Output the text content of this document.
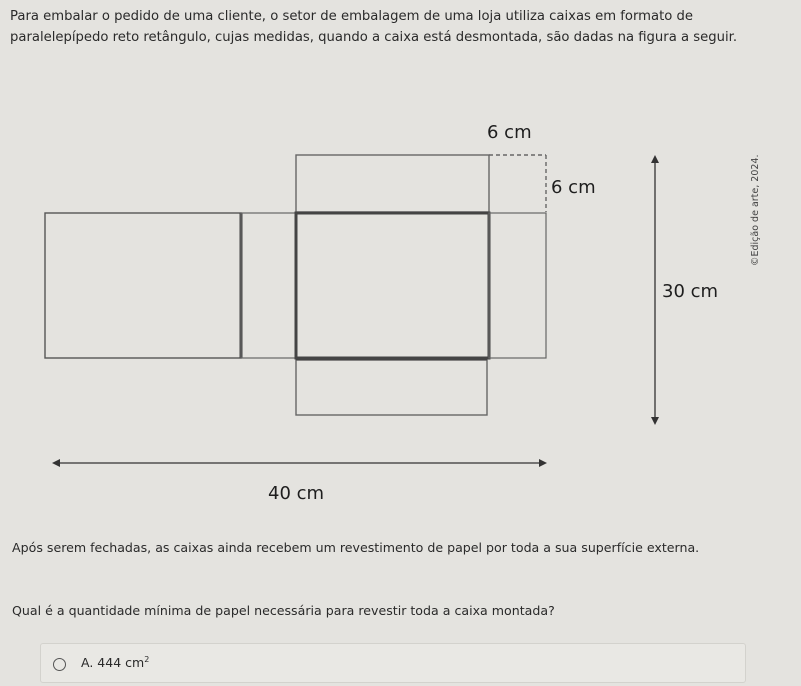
Para embalar o pedido de uma cliente, o setor de embalagem de uma loja utiliza caixas em formato de paralelepípedo reto retângulo, cujas medidas, quando a caixa está desmontada, são dadas na figura a seguir.

6 cm
6 cm
30 cm
40 cm
©Edição de arte, 2024.

Após serem fechadas, as caixas ainda recebem um revestimento de papel por toda a sua superfície externa.

Qual é a quantidade mínima de papel necessária para revestir toda a caixa montada?

A. 444 $cm^2$
